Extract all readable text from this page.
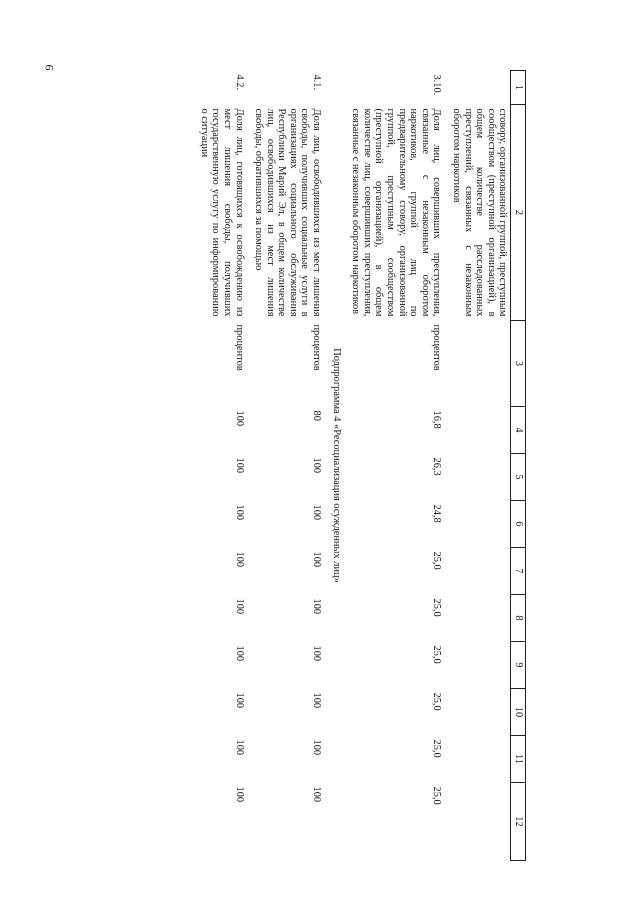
6
1	2	3	4	5	6	7	8	9	10	11	12
	сговору, организованной группой, преступным сообществом (преступной организацией), в общем количестве расследованных преступлений, связанных с незаконным оборотом наркотиков										
3.10.	Доля лиц, совершивших преступления, связанные с незаконным оборотом наркотиков, группой лиц по предварительному сговору, организованной группой, преступным сообществом (преступной организацией), в общем количестве лиц, совершивших преступления, связанные с незаконным оборотом наркотиков	процентов	16,8	26,3	24,8	25,0	25,0	25,0	25,0	25,0	25,0
Подпрограмма 4 «Ресоциализация осужденных лиц»											
4.1.	Доля лиц, освободившихся из мест лишения свободы, получивших социальные услуги в организациях социального обслуживания Республики Марий Эл, в общем количестве лиц, освободившихся из мест лишения свободы, обратившихся за помощью	процентов	80	100	100	100	100	100	100	100	100
4.2.	Доля лиц, готовящихся к освобождению из мест лишения свободы, получивших государственную услугу по информированию о ситуации	процентов	100	100	100	100	100	100	100	100	100
